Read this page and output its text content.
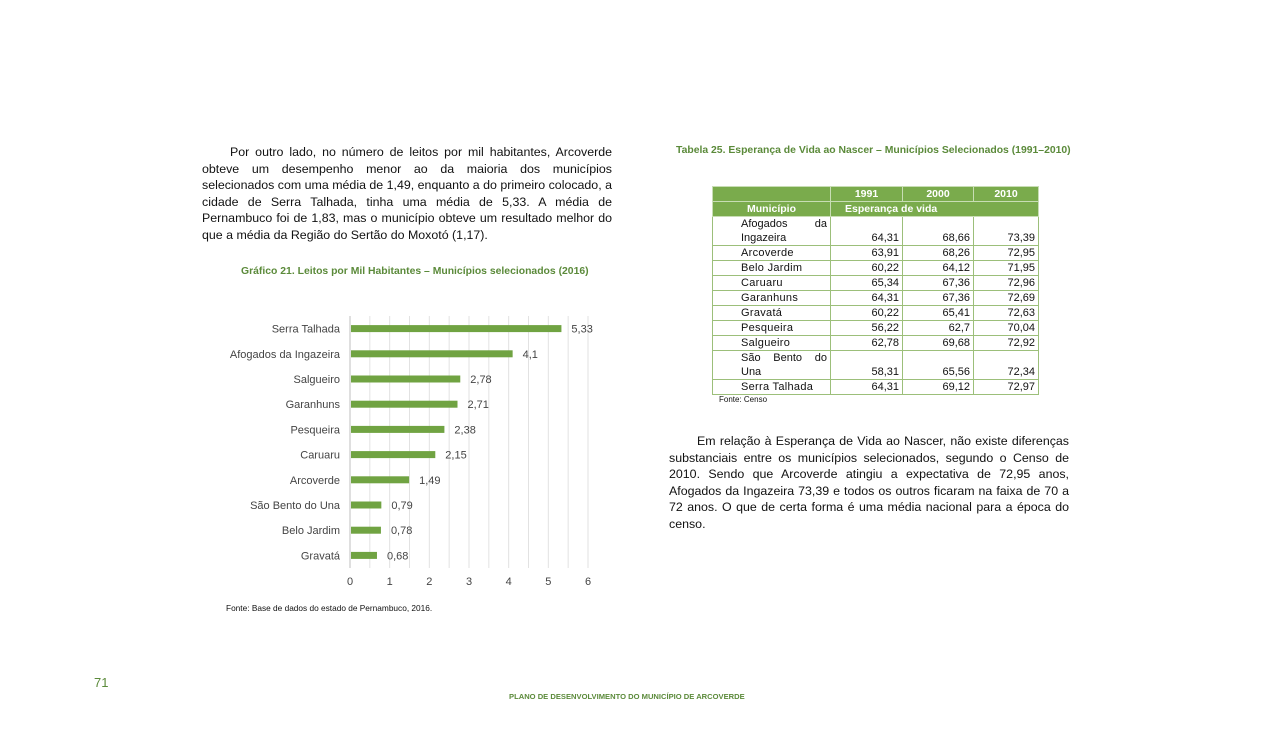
Por outro lado, no número de leitos por mil habitantes, Arcoverde obteve um desempenho menor ao da maioria dos municípios selecionados com uma média de 1,49, enquanto a do primeiro colocado, a cidade de Serra Talhada, tinha uma média de 5,33. A média de Pernambuco foi de 1,83, mas o município obteve um resultado melhor do que a média da Região do Sertão do Moxotó (1,17).

Gráfico 21. Leitos por Mil Habitantes – Municípios selecionados (2016)
0	1	2	3	4	5	6
Serra Talhada	5,33
Afogados da Ingazeira	4,1
Salgueiro	2,78
Garanhuns	2,71
Pesqueira	2,38
Caruaru	2,15
Arcoverde	1,49
São Bento do Una	0,79
Belo Jardim	0,78
Gravatá	0,68
Fonte: Base de dados do estado de Pernambuco, 2016.
Tabela 25. Esperança de Vida ao Nascer – Municípios Selecionados (1991–2010)
	1991	2000	2010
Município	Esperança de vida		
Afogados da Ingazeira	64,31	68,66	73,39
Arcoverde	63,91	68,26	72,95
Belo Jardim	60,22	64,12	71,95
Caruaru	65,34	67,36	72,96
Garanhuns	64,31	67,36	72,69
Gravatá	60,22	65,41	72,63
Pesqueira	56,22	62,7	70,04
Salgueiro	62,78	69,68	72,92
São Bento do Una	58,31	65,56	72,34
Serra Talhada	64,31	69,12	72,97
Fonte: Censo

Em relação à Esperança de Vida ao Nascer, não existe diferenças substanciais entre os municípios selecionados, segundo o Censo de 2010. Sendo que Arcoverde atingiu a expectativa de 72,95 anos, Afogados da Ingazeira 73,39 e todos os outros ficaram na faixa de 70 a 72 anos. O que de certa forma é uma média nacional para a época do censo.

71
PLANO DE DESENVOLVIMENTO DO MUNICÍPIO DE ARCOVERDE
